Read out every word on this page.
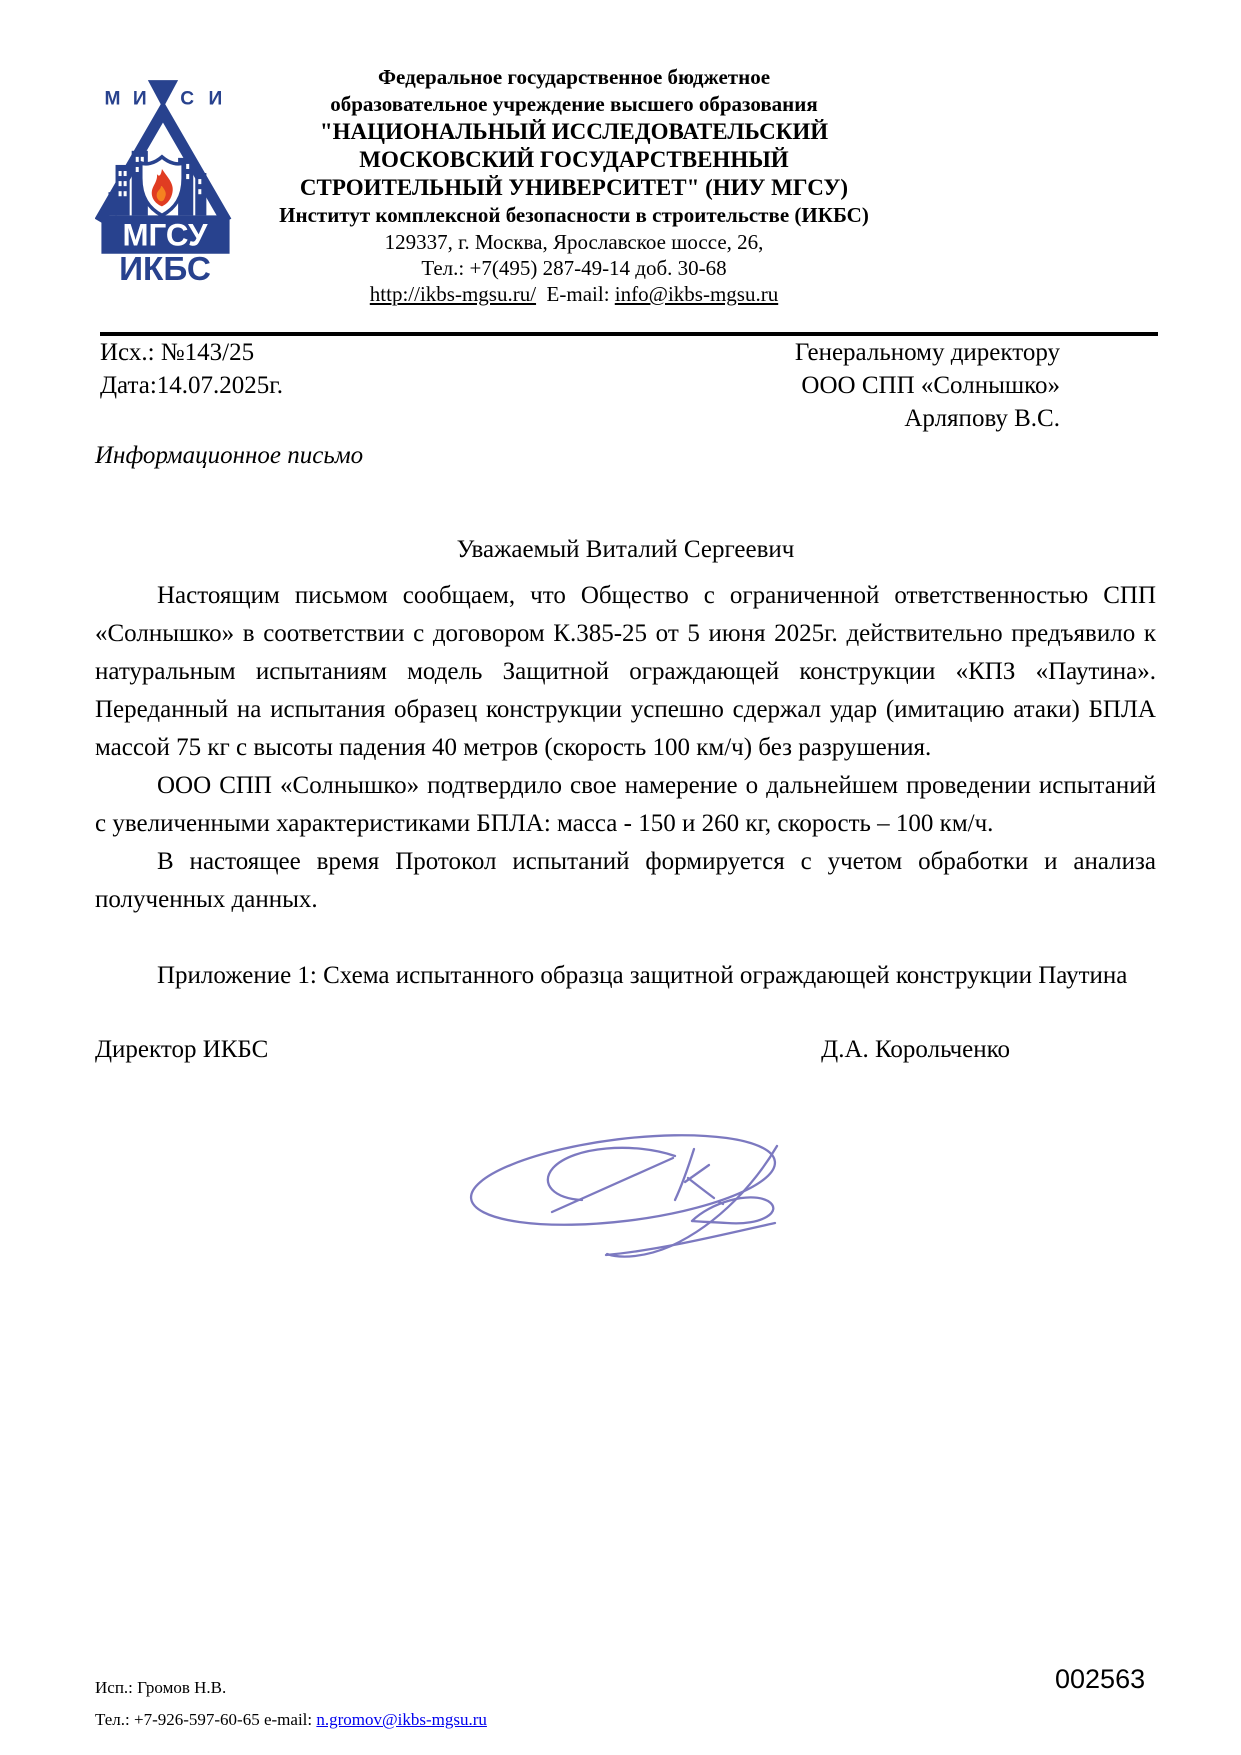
М И С И
МГСУ
ИКБС
Федеральное государственное бюджетное
образовательное учреждение высшего образования
"НАЦИОНАЛЬНЫЙ ИССЛЕДОВАТЕЛЬСКИЙ
МОСКОВСКИЙ ГОСУДАРСТВЕННЫЙ
СТРОИТЕЛЬНЫЙ УНИВЕРСИТЕТ" (НИУ МГСУ)
Институт комплексной безопасности в строительстве (ИКБС)
129337, г. Москва, Ярославское шоссе, 26,
Тел.: +7(495) 287-49-14 доб. 30-68
http://ikbs-mgsu.ru/ E-mail: info@ikbs-mgsu.ru
Исх.: №143/25
Дата:14.07.2025г.
Генеральному директору
ООО СПП «Солнышко»
Арляпову В.С.
Информационное письмо
Уважаемый Виталий Сергеевич

Настоящим письмом сообщаем, что Общество с ограниченной ответственностью СПП «Солнышко» в соответствии с договором К.385-25 от 5 июня 2025г. действительно предъявило к натуральным испытаниям модель Защитной ограждающей конструкции «КПЗ «Паутина». Переданный на испытания образец конструкции успешно сдержал удар (имитацию атаки) БПЛА массой 75 кг с высоты падения 40 метров (скорость 100 км/ч) без разрушения.

ООО СПП «Солнышко» подтвердило свое намерение о дальнейшем проведении испытаний с увеличенными характеристиками БПЛА: масса - 150 и 260 кг, скорость – 100 км/ч.

В настоящее время Протокол испытаний формируется с учетом обработки и анализа полученных данных.

Приложение 1: Схема испытанного образца защитной ограждающей конструкции Паутина

Директор ИКБС	Д.А. Корольченко
Исп.: Громов Н.В.
Тел.: +7-926-597-60-65 e-mail: n.gromov@ikbs-mgsu.ru
002563
